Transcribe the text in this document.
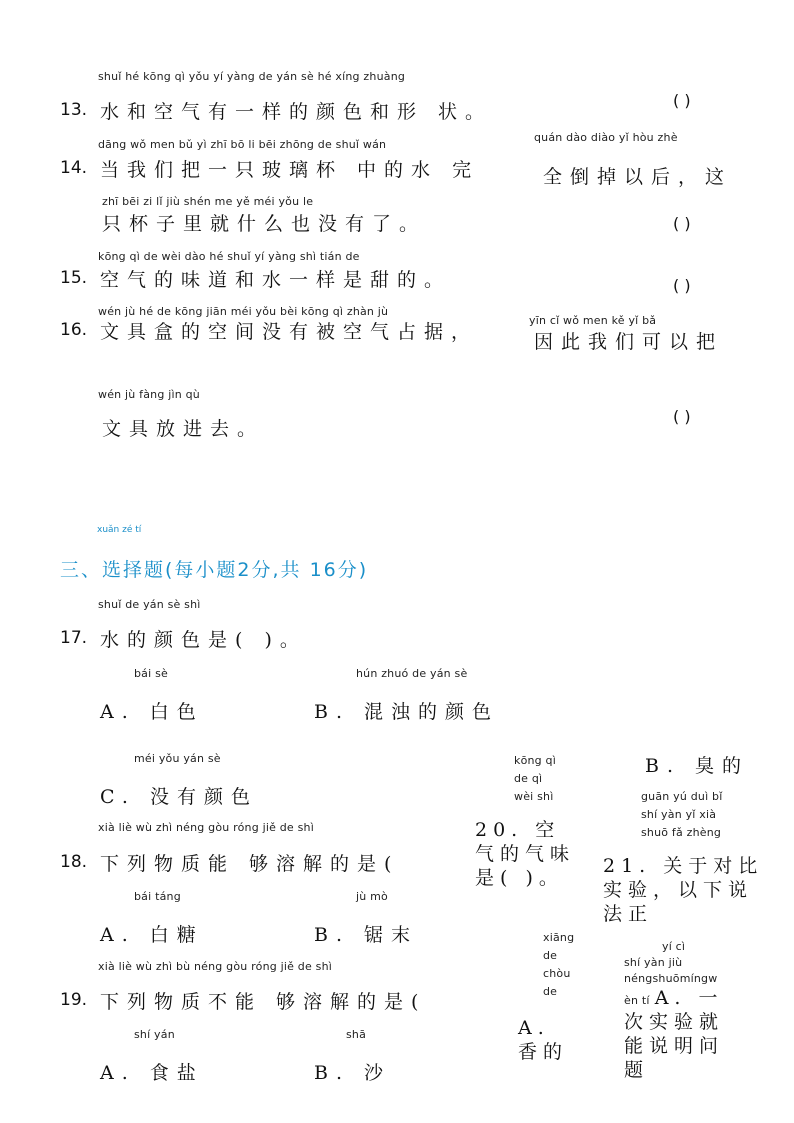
shuǐ hé kōng qì yǒu yí yàng de yán sè hé xíng zhuàng
13. 水和空气有一样的颜色和形 状。
( )
dāng wǒ men bǔ yì zhī bō li bēi zhōng de shuǐ wán
quán dào diào yǐ hòu zhè
14. 当我们把一只玻璃杯 中的水 完	全倒掉以后，这
zhī bēi zi lǐ jiù shén me yě méi yǒu le
只杯子里就什么也没有了。	( )
kōng qì de wèi dào hé shuǐ yí yàng shì tián de
15. 空气的味道和水一样是甜的。	( )
wén jù hé de kōng jiān méi yǒu bèi kōng qì zhàn jù
yīn cǐ wǒ men kě yǐ bǎ
16. 文具盒的空间没有被空气占据，	因此我们可以把
wén jù fàng jìn qù
文具放进去。
( )
xuǎn zé tí
三、选择题(每小题2分,共 16分)
shuǐ de yán sè shì
17. 水的颜色是( )。
bái sè
A. 白色
hún zhuó de yán sè
B. 混浊的颜色
méi yǒu yán sè
C. 没有颜色
xià liè wù zhì néng gòu róng jiě de shì
18. 下列物质能 够溶解的是(
bái táng
A. 白糖
jù mò
B. 锯末
xià liè wù zhì bù néng gòu róng jiě de shì
19. 下列物质不能 够溶解的是(
shí yán
A. 食盐
shā
B. 沙
kōng qì
de qì
wèi shì
20. 空气的气味是( )。
xiāng
de
chòu
de
A. 香的
B. 臭的
guān yú duì bǐ
shí yàn yǐ xià
shuō fǎ zhèng
21. 关于对比实验，以下说法正
yí cì
shí yàn jiù
néngshuōmíngw
èn tí A. 一次实验就能说明问题
